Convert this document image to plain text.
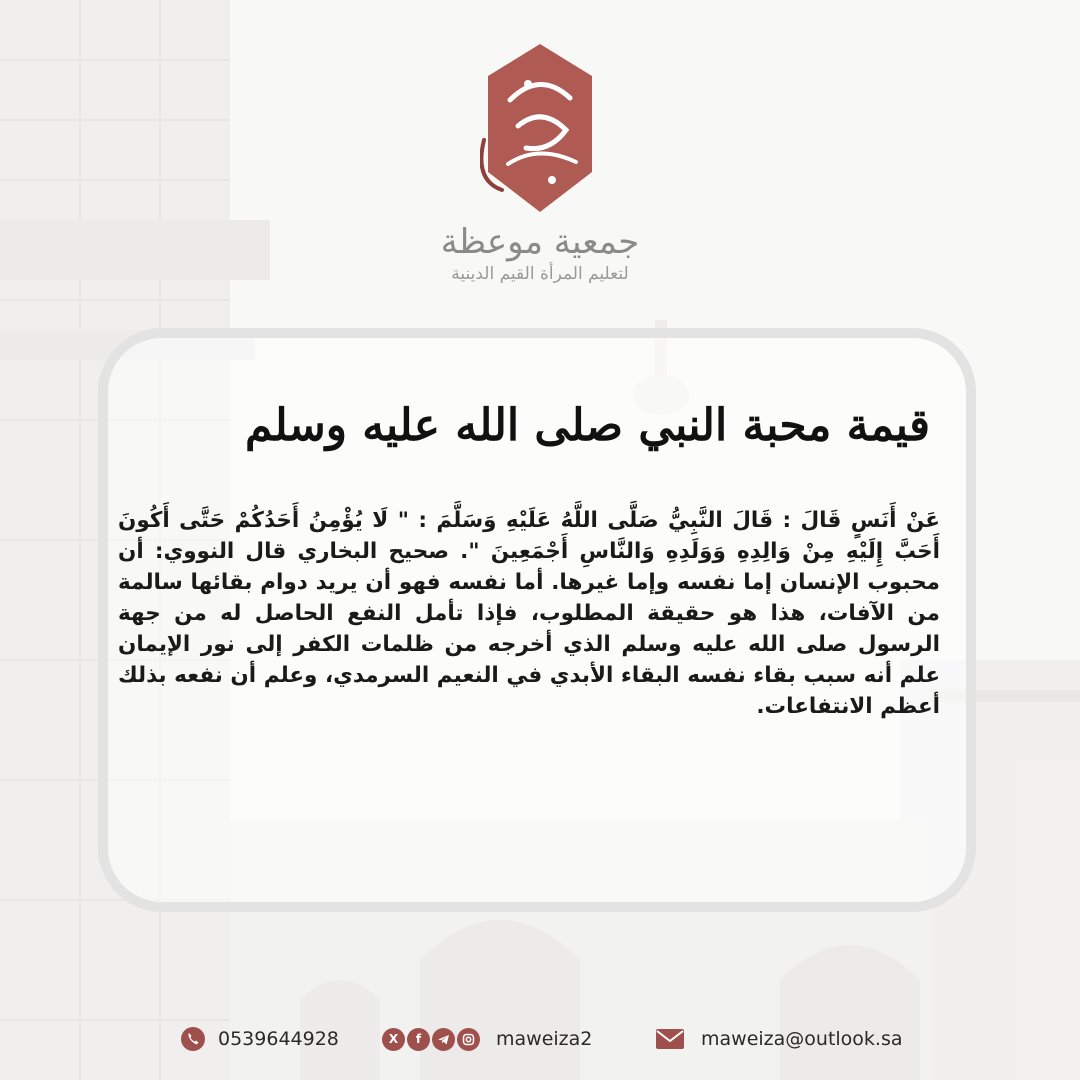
جمعية موعظة
لتعليم المرأة القيم الدينية
قيمة محبة النبي صلى الله عليه وسلم
عَنْ أَنَسٍ قَالَ : قَالَ النَّبِيُّ صَلَّى اللَّهُ عَلَيْهِ وَسَلَّمَ : " لَا يُؤْمِنُ أَحَدُكُمْ حَتَّى أَكُونَ أَحَبَّ إِلَيْهِ مِنْ وَالِدِهِ وَوَلَدِهِ وَالنَّاسِ أَجْمَعِينَ ". صحيح البخاري قال النووي: أن محبوب الإنسان إما نفسه وإما غيرها. أما نفسه فهو أن يريد دوام بقائها سالمة من الآفات، هذا هو حقيقة المطلوب، فإذا تأمل النفع الحاصل له من جهة الرسول صلى الله عليه وسلم الذي أخرجه من ظلمات الكفر إلى نور الإيمان علم أنه سبب بقاء نفسه البقاء الأبدي في النعيم السرمدي، وعلم أن نفعه بذلك أعظم الانتفاعات.
0539644928	X f	maweiza2	maweiza@outlook.sa
